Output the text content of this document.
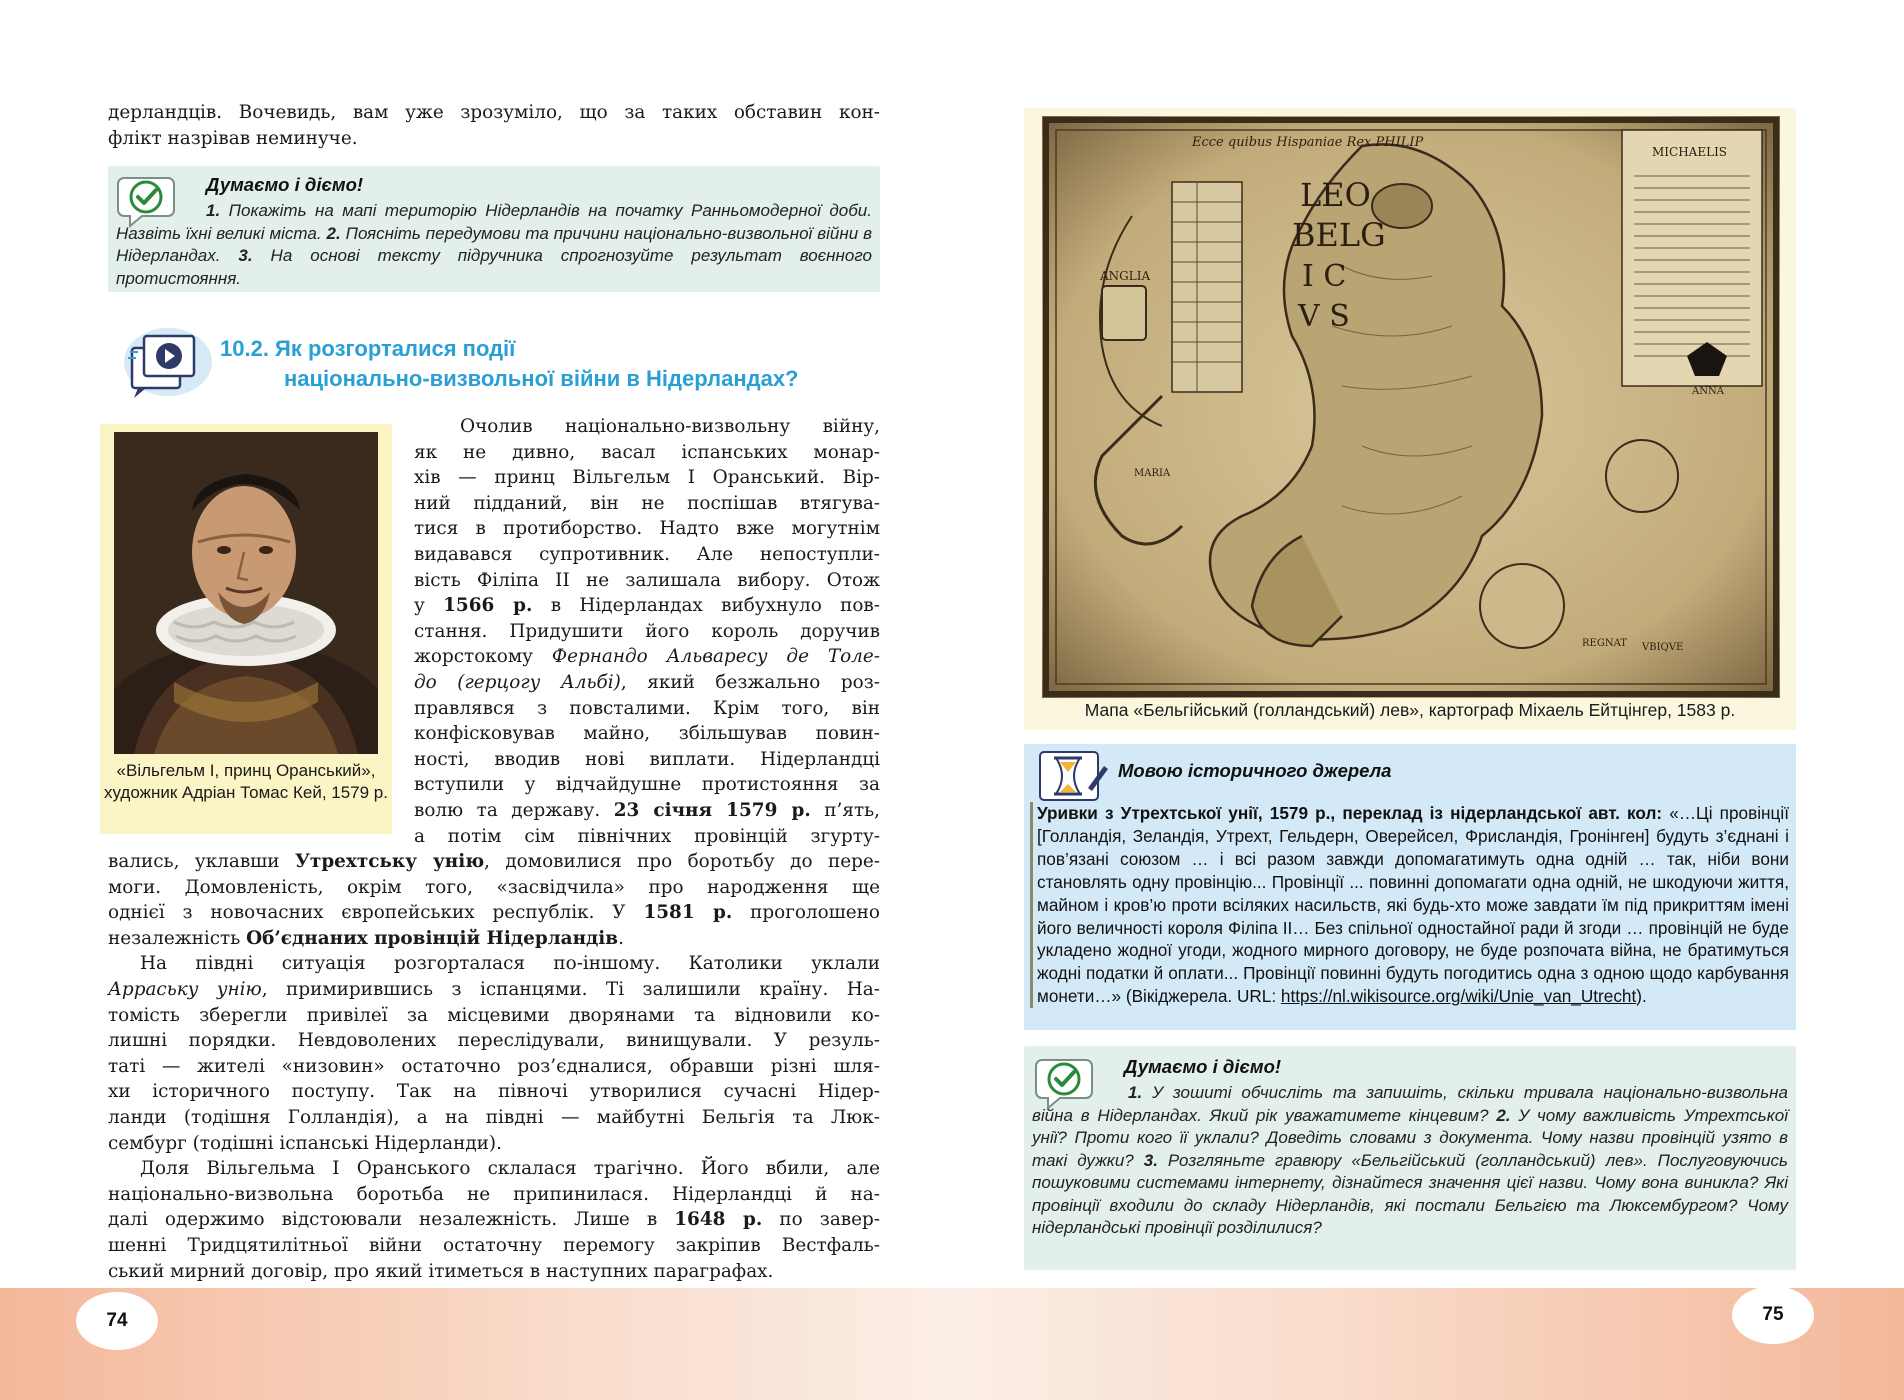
дерландців. Вочевидь, вам уже зрозуміло, що за таких обставин кон-
флікт назрівав неминуче.
Думаємо і діємо!
1. Покажіть на мапі територію Нідерландів на початку Ранньомодерної доби. Назвіть їхні великі міста. 2. Поясніть передумови та причини національно-визвольної війни в Нідерландах. 3. На основі тексту підручника спрогнозуйте результат воєнного протистояння.
10.2. Як розгорталися події
національно-визвольної війни в Нідерландах?
«Вільгельм I, принц Оранський», художник Адріан Томас Кей, 1579 р.
Очолив національно-визвольну війну,
як не дивно, васал іспанських монар-
хів — принц Вільгельм I Оранський. Вір-
ний підданий, він не поспішав втягува-
тися в протиборство. Надто вже могутнім
видавався супротивник. Але непоступли-
вість Філіпа II не залишала вибору. Отож
у 1566 р. в Нідерландах вибухнуло пов-
стання. Придушити його король доручив
жорстокому Фернандо Альваресу де Толе-
до (герцогу Альбі), який безжально роз-
правлявся з повсталими. Крім того, він
конфісковував майно, збільшував повин-
ності, вводив нові виплати. Нідерландці
вступили у відчайдушне протистояння за
волю та державу. 23 січня 1579 р. п’ять,
а потім сім північних провінцій згурту-
вались, уклавши Утрехтську унію, домовилися про боротьбу до пере-
моги. Домовленість, окрім того, «засвідчила» про народження ще
однієї з новочасних європейських республік. У 1581 р. проголошено
незалежність Об’єднаних провінцій Нідерландів.
На півдні ситуація розгорталася по-іншому. Католики уклали
Арраську унію, примирившись з іспанцями. Ті залишили країну. На-
томість зберегли привілеї за місцевими дворянами та відновили ко-
лишні порядки. Невдоволених переслідували, винищували. У резуль-
таті — жителі «низовин» остаточно роз’єдналися, обравши різні шля-
хи історичного поступу. Так на півночі утворилися сучасні Нідер-
ланди (тодішня Голландія), а на півдні — майбутні Бельгія та Люк-
сембург (тодішні іспанські Нідерланди).
Доля Вільгельма I Оранського склалася трагічно. Його вбили, але
національно-визвольна боротьба не припинилася. Нідерландці й на-
далі одержимо відстоювали незалежність. Лише в 1648 р. по завер-
шенні Тридцятилітньої війни остаточну перемогу закріпив Вестфаль-
ський мирний договір, про який ітиметься в наступних параграфах.
Ecce quibus Hispaniae Rex PHILIP
LEO
BELG
I C
V S
ANGLIA
MICHAELIS
ANNA
MARIA
REGNAT VBIQVE
Мапа «Бельгійський (голландський) лев», картограф Міхаель Ейтцінгер, 1583 р.
Мовою історичного джерела
Уривки з Утрехтської унії, 1579 р., переклад із нідерландської авт. кол: «…Ці провінції [Голландія, Зеландія, Утрехт, Гельдерн, Оверейсел, Фрисландія, Гронінген] будуть з’єднані і пов’язані союзом … і всі разом завжди допомагатимуть одна одній … так, ніби вони становлять одну провінцію... Провінції ... повинні допомагати одна одній, не шкодуючи життя, майном і кров’ю проти всіляких насильств, які будь-хто може завдати їм під прикриттям імені його величності короля Філіпа II… Без спільної одностайної ради й згоди … провінцій не буде укладено жодної угоди, жодного мирного договору, не буде розпочата війна, не братимуться жодні податки й оплати... Провінції повинні будуть погодитись одна з одною щодо карбування монети…» (Вікіджерела. URL: https://nl.wikisource.org/wiki/Unie_van_Utrecht).
Думаємо і діємо!
1. У зошиті обчисліть та запишіть, скільки тривала національно-визвольна війна в Нідерландах. Який рік уважатимете кінцевим? 2. У чому важливість Утрехтської унії? Проти кого її уклали? Доведіть словами з документа. Чому назви провінцій узято в такі дужки? 3. Розгляньте гравюру «Бельгійський (голландський) лев». Послуговуючись пошуковими системами інтернету, дізнайтеся значення цієї назви. Чому вона виникла? Які провінції входили до складу Нідерландів, які постали Бельгією та Люксембургом? Чому нідерландські провінції розділилися?
74	75
